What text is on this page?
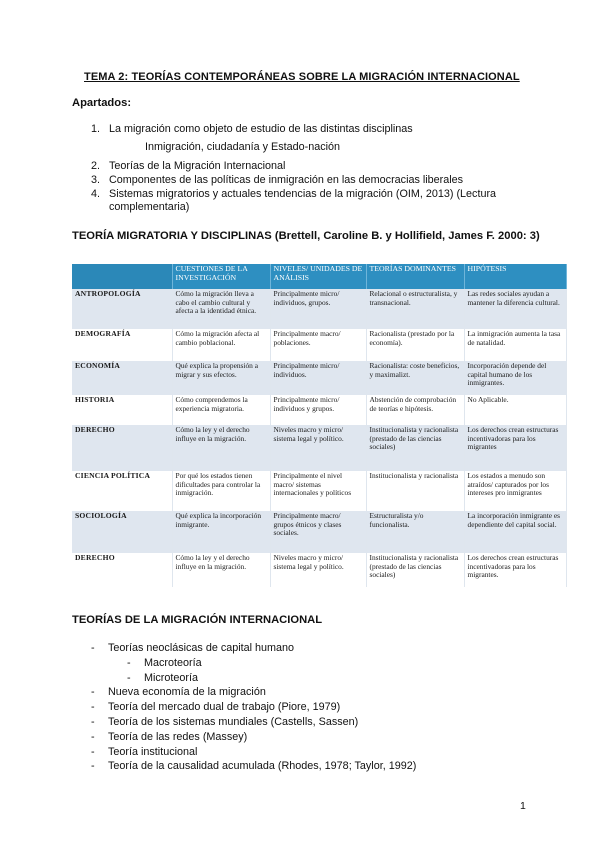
TEMA 2: TEORÍAS CONTEMPORÁNEAS SOBRE LA MIGRACIÓN INTERNACIONAL
Apartados:
1. La migración como objeto de estudio de las distintas disciplinas
Inmigración, ciudadanía y Estado-nación
2. Teorías de la Migración Internacional
3. Componentes de las políticas de inmigración en las democracias liberales
4. Sistemas migratorios y actuales tendencias de la migración (OIM, 2013) (Lectura complementaria)
TEORÍA MIGRATORIA Y DISCIPLINAS (Brettell, Caroline B. y Hollifield, James F. 2000: 3)
	CUESTIONES DE LA INVESTIGACIÓN	NIVELES/ UNIDADES DE ANÁLISIS	TEORÍAS DOMINANTES	HIPÓTESIS
ANTROPOLOGÍA	Cómo la migración lleva a cabo el cambio cultural y afecta a la identidad étnica.	Principalmente micro/ individuos, grupos.	Relacional o estructuralista, y transnacional.	Las redes sociales ayudan a mantener la diferencia cultural.
DEMOGRAFÍA	Cómo la migración afecta al cambio poblacional.	Principalmente macro/ poblaciones.	Racionalista (prestado por la economía).	La inmigración aumenta la tasa de natalidad.
ECONOMÍA	Qué explica la propensión a migrar y sus efectos.	Principalmente micro/ individuos.	Racionalista: coste beneficios, y maximalizt.	Incorporación depende del capital humano de los inmigrantes.
HISTORIA	Cómo comprendemos la experiencia migratoria.	Principalmente micro/ individuos y grupos.	Abstención de comprobación de teorías e hipótesis.	No Aplicable.
DERECHO	Cómo la ley y el derecho influye en la migración.	Niveles macro y micro/ sistema legal y político.	Institucionalista y racionalista (prestado de las ciencias sociales)	Los derechos crean estructuras incentivadoras para los migrantes
CIENCIA POLÍTICA	Por qué los estados tienen dificultades para controlar la inmigración.	Principalmente el nivel macro/ sistemas internacionales y políticos	Institucionalista y racionalista	Los estados a menudo son atraídos/ capturados por los intereses pro inmigrantes
SOCIOLOGÍA	Qué explica la incorporación inmigrante.	Principalmente macro/ grupos étnicos y clases sociales.	Estructuralista y/o funcionalista.	La incorporación inmigrante es dependiente del capital social.
DERECHO	Cómo la ley y el derecho influye en la migración.	Niveles macro y micro/ sistema legal y político.	Institucionalista y racionalista (prestado de las ciencias sociales)	Los derechos crean estructuras incentivadoras para los migrantes.
TEORÍAS DE LA MIGRACIÓN INTERNACIONAL
- Teorías neoclásicas de capital humano
- Macroteoría
- Microteoría
- Nueva economía de la migración
- Teoría del mercado dual de trabajo (Piore, 1979)
- Teoría de los sistemas mundiales (Castells, Sassen)
- Teoría de las redes (Massey)
- Teoría institucional
- Teoría de la causalidad acumulada (Rhodes, 1978; Taylor, 1992)
1
